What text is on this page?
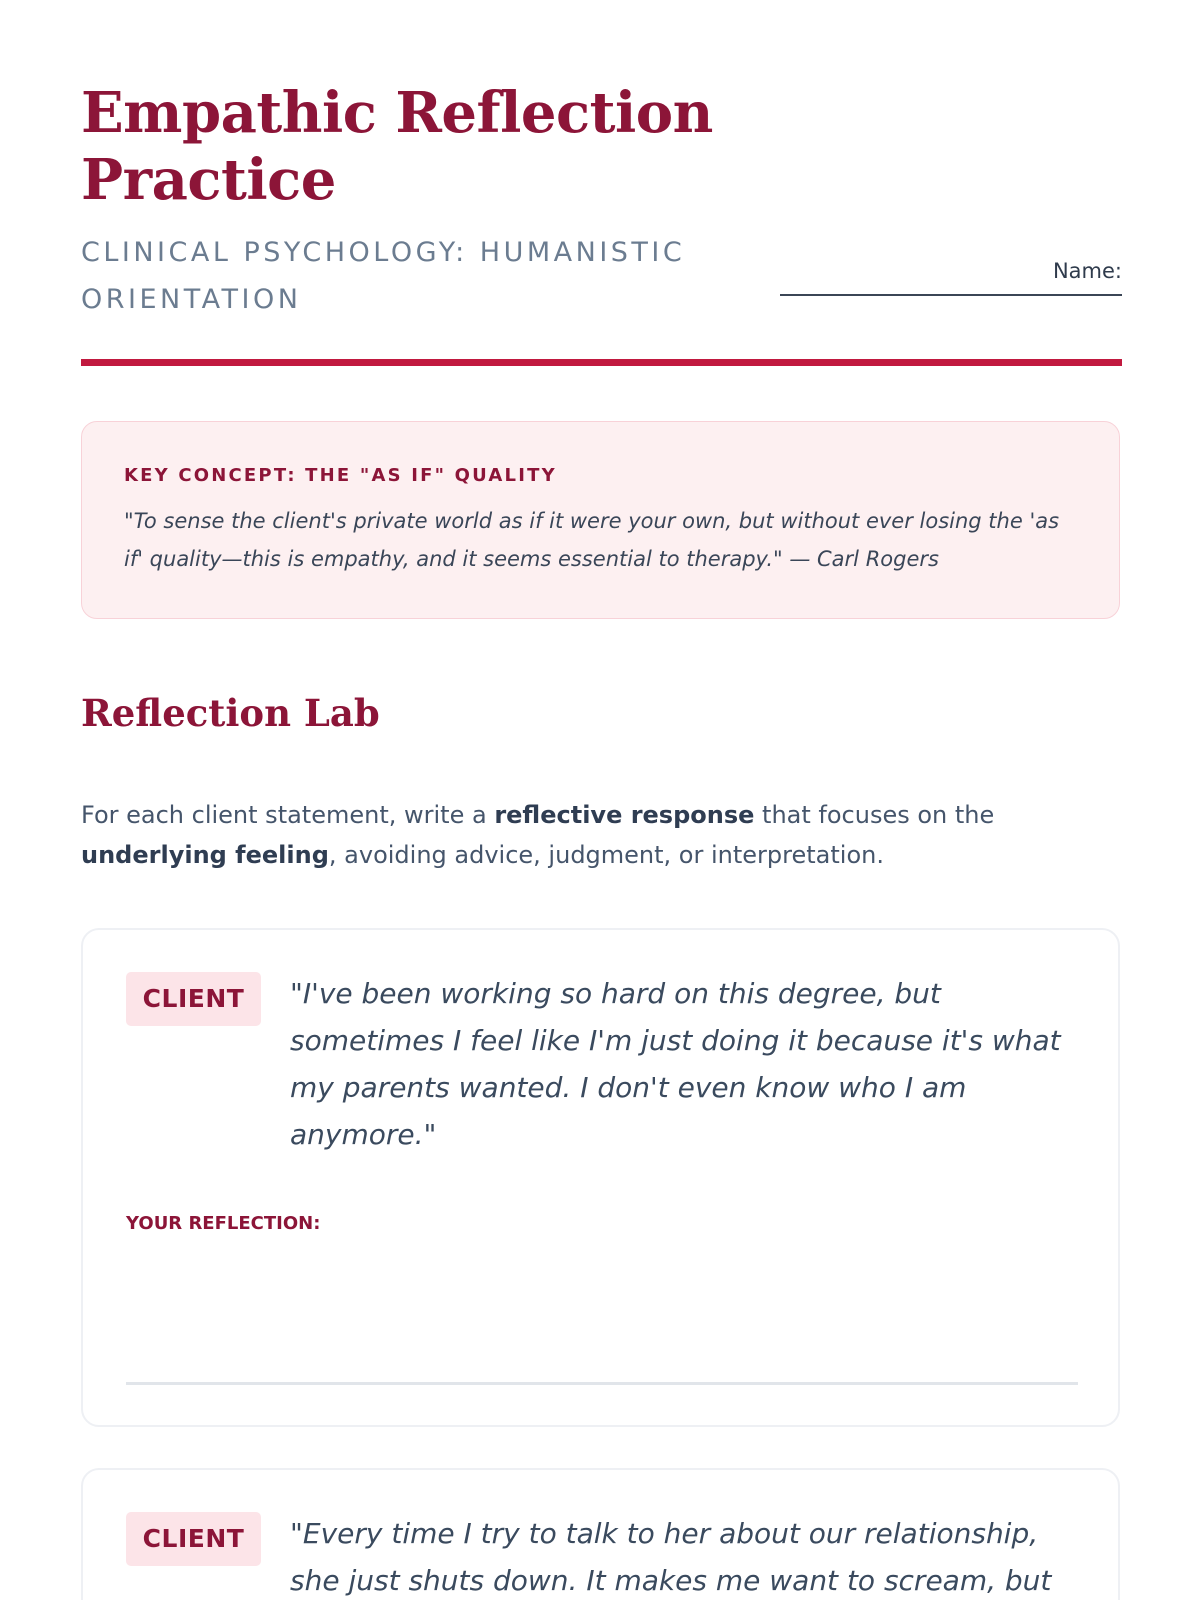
Empathic Reflection Practice
CLINICAL PSYCHOLOGY: HUMANISTIC ORIENTATION
Name:
KEY CONCEPT: THE "AS IF" QUALITY

"To sense the client's private world as if it were your own, but without ever losing the 'as if' quality—this is empathy, and it seems essential to therapy." — Carl Rogers

Reflection Lab

For each client statement, write a reflective response that focuses on the underlying feeling, avoiding advice, judgment, or interpretation.

CLIENT	"I've been working so hard on this degree, but sometimes I feel like I'm just doing it because it's what my parents wanted. I don't even know who I am anymore."

YOUR REFLECTION:
CLIENT	"Every time I try to talk to her about our relationship, she just shuts down. It makes me want to scream, but
